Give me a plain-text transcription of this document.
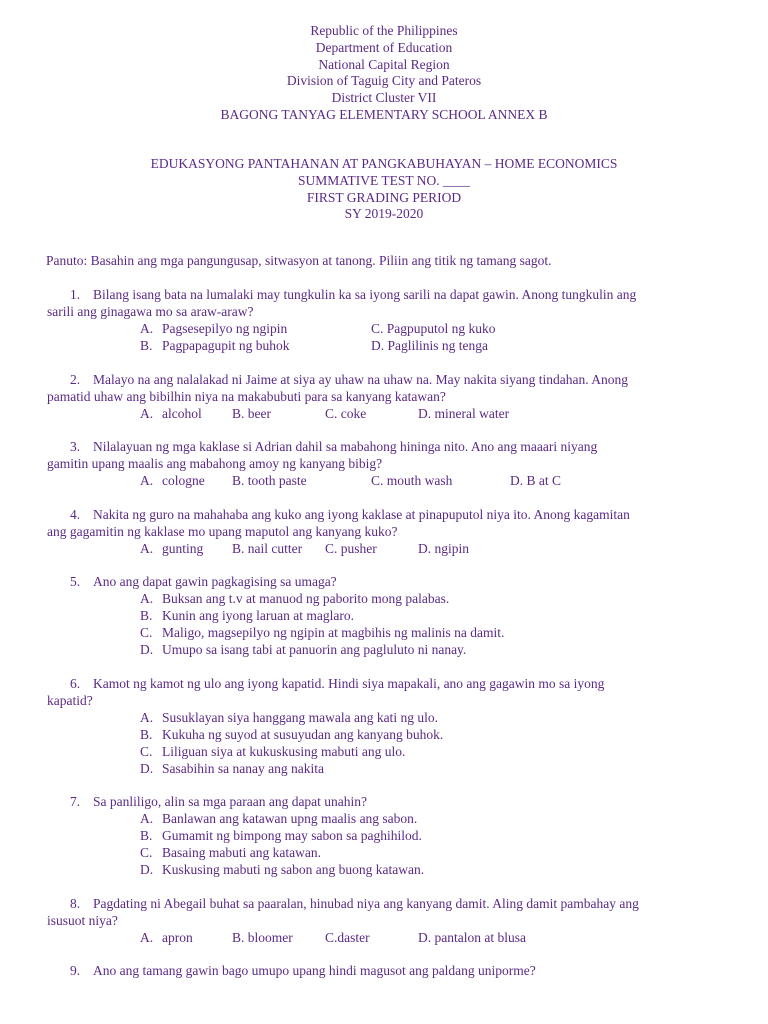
Republic of the Philippines
Department of Education
National Capital Region
Division of Taguig City and Pateros
District Cluster VII
BAGONG TANYAG ELEMENTARY SCHOOL ANNEX B
EDUKASYONG PANTAHANAN AT PANGKABUHAYAN – HOME ECONOMICS
SUMMATIVE TEST NO. ____
FIRST GRADING PERIOD
SY 2019-2020
Panuto: Basahin ang mga pangungusap, sitwasyon at tanong. Piliin ang titik ng tamang sagot.
1. Bilang isang bata na lumalaki may tungkulin ka sa iyong sarili na dapat gawin. Anong tungkulin ang
sarili ang ginagawa mo sa araw-araw?
A. Pagsesepilyo ng ngipin	C. Pagpuputol ng kuko
B. Pagpapagupit ng buhok	D. Paglilinis ng tenga
2. Malayo na ang nalalakad ni Jaime at siya ay uhaw na uhaw na. May nakita siyang tindahan. Anong
pamatid uhaw ang bibilhin niya na makabubuti para sa kanyang katawan?
A. alcohol B. beer	C. coke	D. mineral water
3. Nilalayuan ng mga kaklase si Adrian dahil sa mabahong hininga nito. Ano ang maaari niyang
gamitin upang maalis ang mabahong amoy ng kanyang bibig?
A. cologne B. tooth paste	C. mouth wash	D. B at C
4. Nakita ng guro na mahahaba ang kuko ang iyong kaklase at pinapuputol niya ito. Anong kagamitan
ang gagamitin ng kaklase mo upang maputol ang kanyang kuko?
A. gunting B. nail cutter C. pusher	D. ngipin
5. Ano ang dapat gawin pagkagising sa umaga?
A. Buksan ang t.v at manuod ng paborito mong palabas.
B. Kunin ang iyong laruan at maglaro.
C. Maligo, magsepilyo ng ngipin at magbihis ng malinis na damit.
D. Umupo sa isang tabi at panuorin ang pagluluto ni nanay.
6. Kamot ng kamot ng ulo ang iyong kapatid. Hindi siya mapakali, ano ang gagawin mo sa iyong
kapatid?
A. Susuklayan siya hanggang mawala ang kati ng ulo.
B. Kukuha ng suyod at susuyudan ang kanyang buhok.
C. Liliguan siya at kukuskusing mabuti ang ulo.
D. Sasabihin sa nanay ang nakita
7. Sa panliligo, alin sa mga paraan ang dapat unahin?
A. Banlawan ang katawan upng maalis ang sabon.
B. Gumamit ng bimpong may sabon sa paghihilod.
C. Basaing mabuti ang katawan.
D. Kuskusing mabuti ng sabon ang buong katawan.
8. Pagdating ni Abegail buhat sa paaralan, hinubad niya ang kanyang damit. Aling damit pambahay ang
isusuot niya?
A. apron	B. bloomer C.daster	D. pantalon at blusa
9. Ano ang tamang gawin bago umupo upang hindi magusot ang paldang uniporme?
